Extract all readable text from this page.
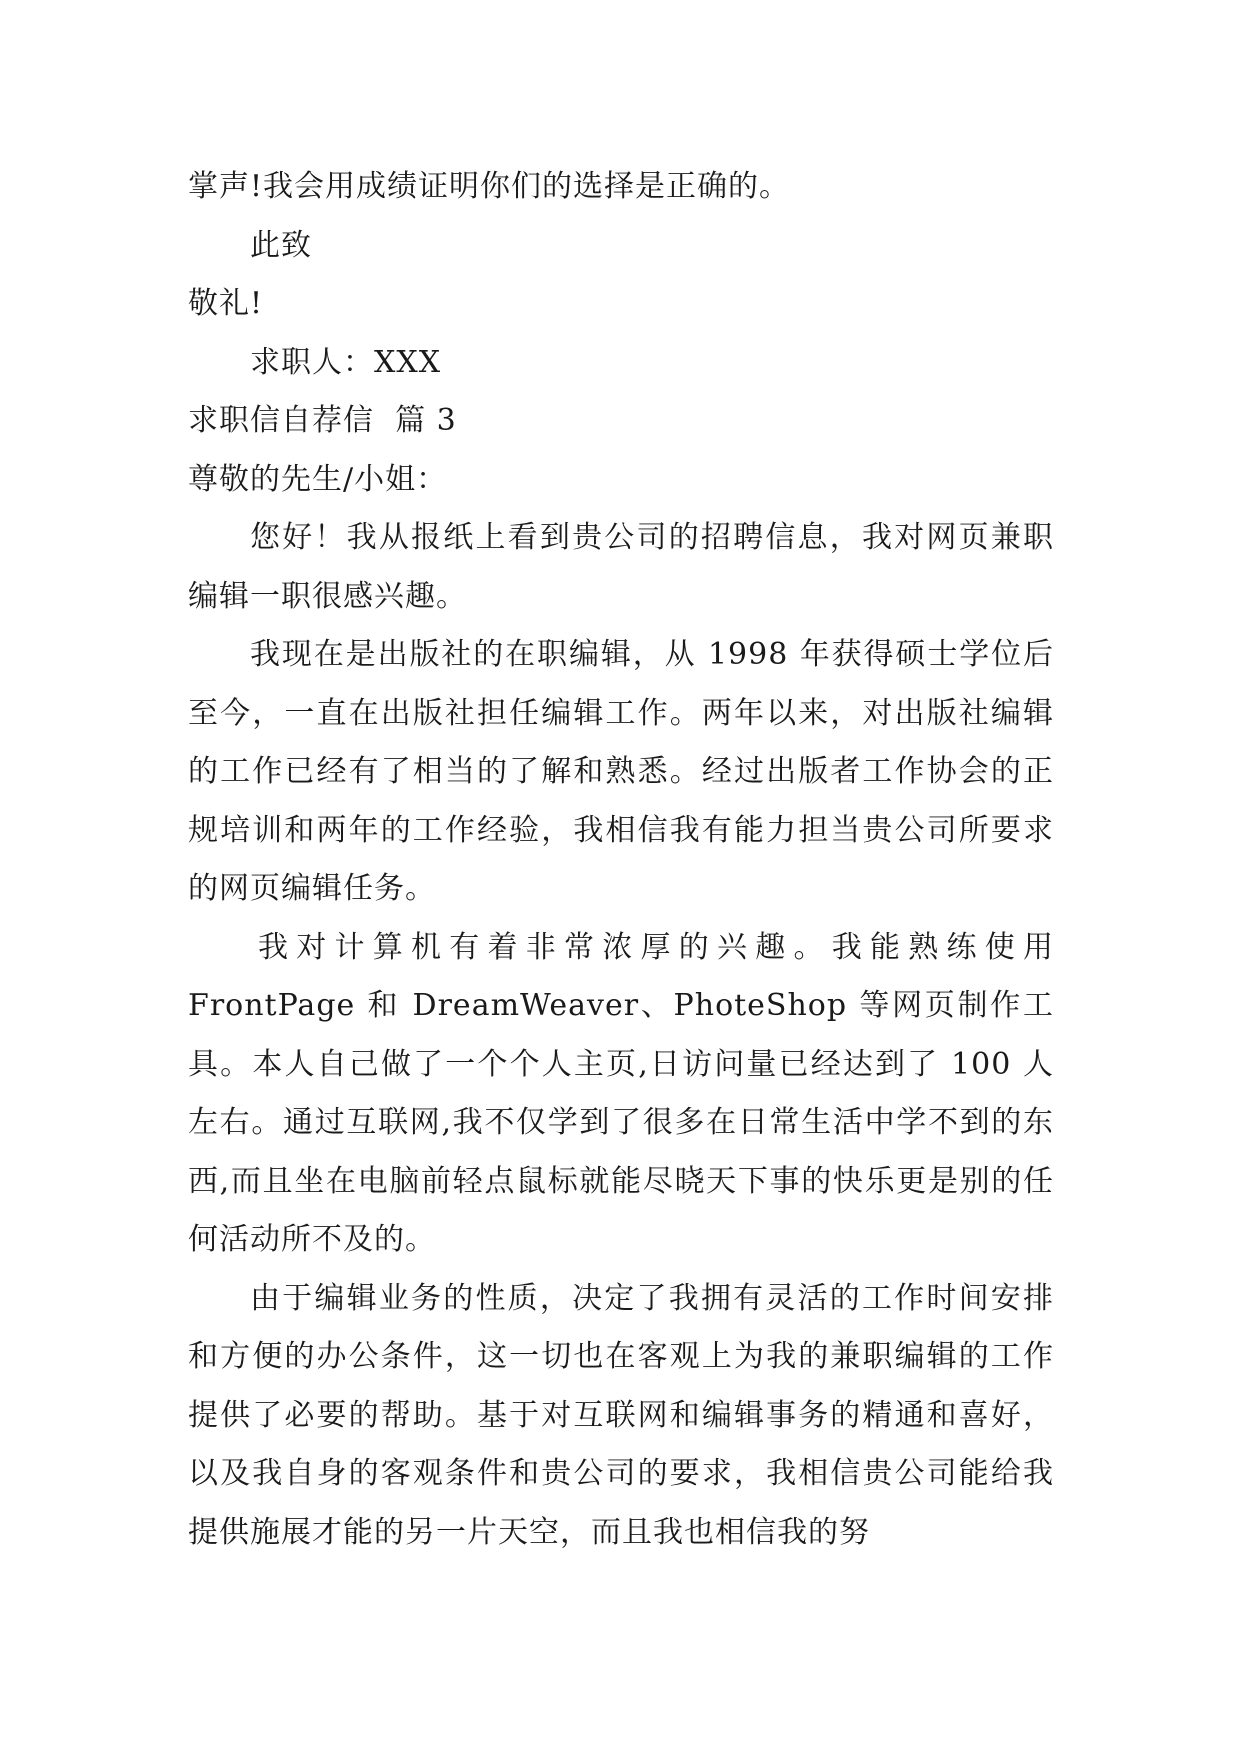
掌声!我会用成绩证明你们的选择是正确的。

此致

敬礼!

求职人：XXX

求职信自荐信  篇 3

尊敬的先生/小姐：

您好！我从报纸上看到贵公司的招聘信息，我对网页兼职编辑一职很感兴趣。

我现在是出版社的在职编辑，从 1998 年获得硕士学位后至今，一直在出版社担任编辑工作。两年以来，对出版社编辑的工作已经有了相当的了解和熟悉。经过出版者工作协会的正规培训和两年的工作经验，我相信我有能力担当贵公司所要求的网页编辑任务。

我对计算机有着非常浓厚的兴趣。我能熟练使用 FrontPage 和 DreamWeaver、PhoteShop 等网页制作工具。本人自己做了一个个人主页,日访问量已经达到了 100 人左右。通过互联网,我不仅学到了很多在日常生活中学不到的东西,而且坐在电脑前轻点鼠标就能尽晓天下事的快乐更是别的任何活动所不及的。

由于编辑业务的性质，决定了我拥有灵活的工作时间安排和方便的办公条件，这一切也在客观上为我的兼职编辑的工作提供了必要的帮助。基于对互联网和编辑事务的精通和喜好，以及我自身的客观条件和贵公司的要求，我相信贵公司能给我提供施展才能的另一片天空，而且我也相信我的努
